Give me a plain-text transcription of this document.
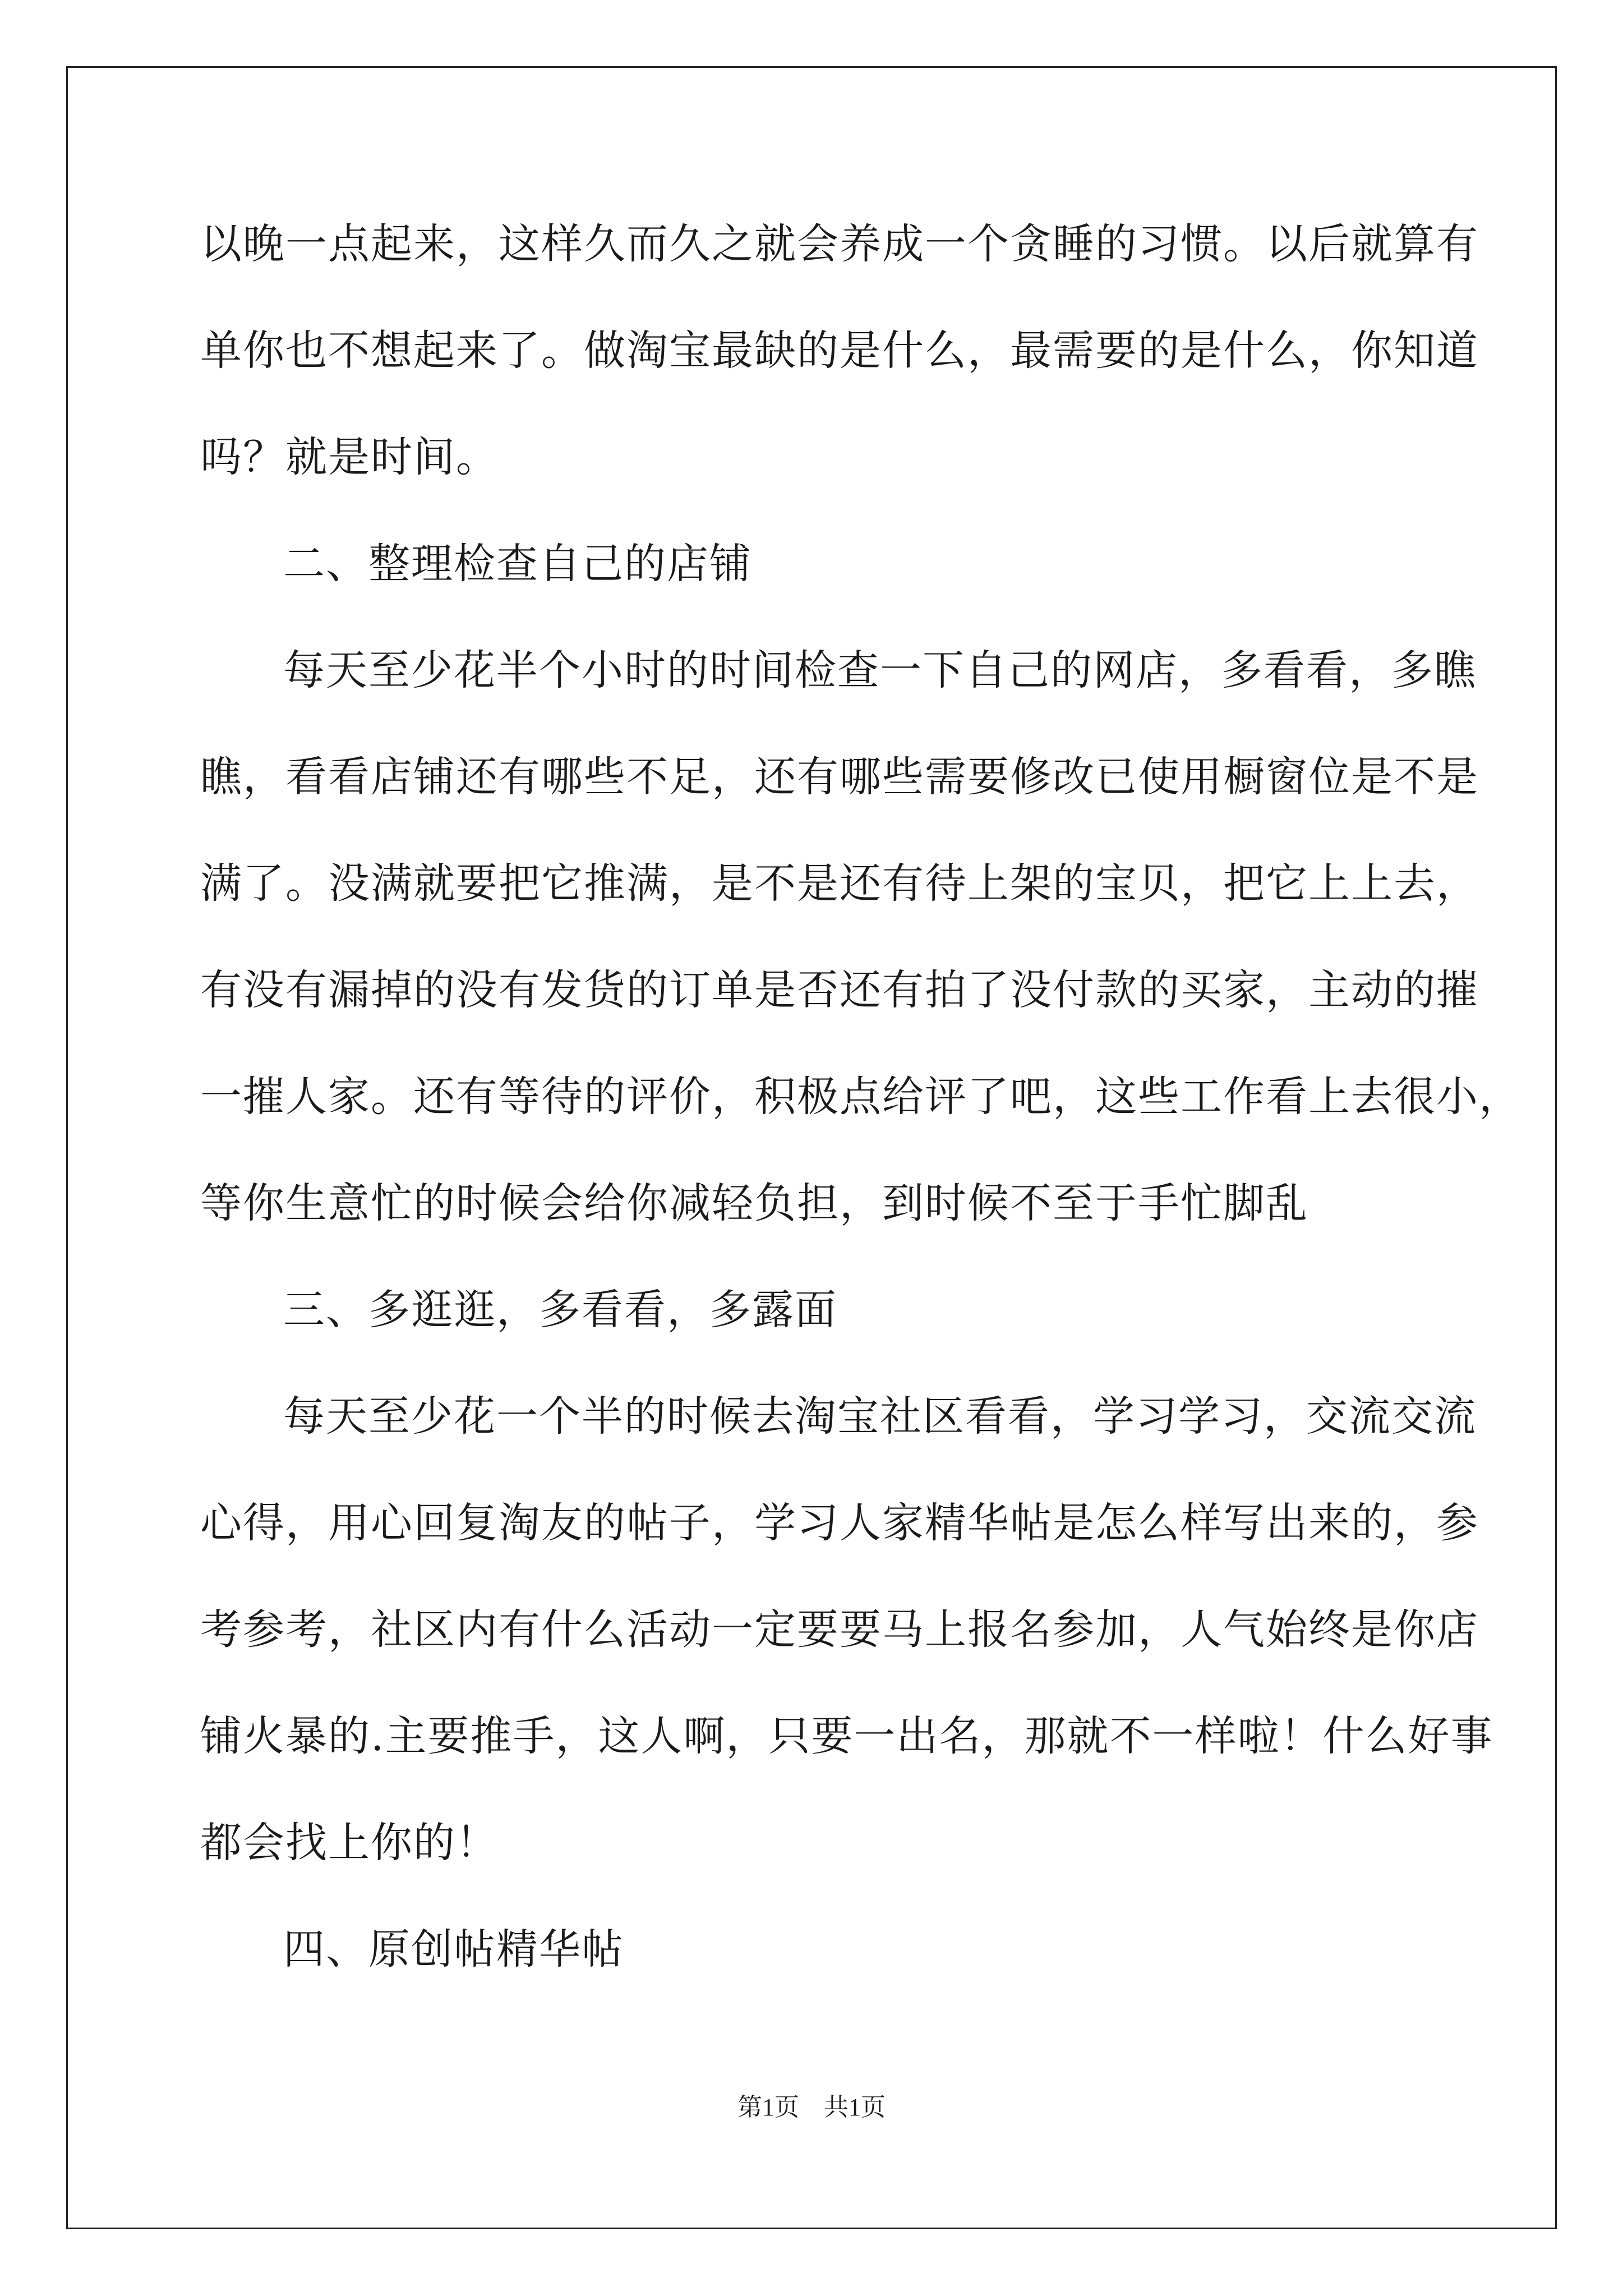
以晚一点起来，这样久而久之就会养成一个贪睡的习惯。以后就算有
单你也不想起来了。做淘宝最缺的是什么，最需要的是什么，你知道
吗？就是时间。
二、整理检查自己的店铺
每天至少花半个小时的时间检查一下自己的网店，多看看，多瞧
瞧，看看店铺还有哪些不足，还有哪些需要修改已使用橱窗位是不是
满了。没满就要把它推满，是不是还有待上架的宝贝，把它上上去，
有没有漏掉的没有发货的订单是否还有拍了没付款的买家，主动的摧
一摧人家。还有等待的评价，积极点给评了吧，这些工作看上去很小，
等你生意忙的时候会给你减轻负担，到时候不至于手忙脚乱
三、多逛逛，多看看，多露面
每天至少花一个半的时候去淘宝社区看看，学习学习，交流交流
心得，用心回复淘友的帖子，学习人家精华帖是怎么样写出来的，参
考参考，社区内有什么活动一定要要马上报名参加，人气始终是你店
铺火暴的.主要推手，这人啊，只要一出名，那就不一样啦！什么好事
都会找上你的！
四、原创帖精华帖
第1页　共1页
